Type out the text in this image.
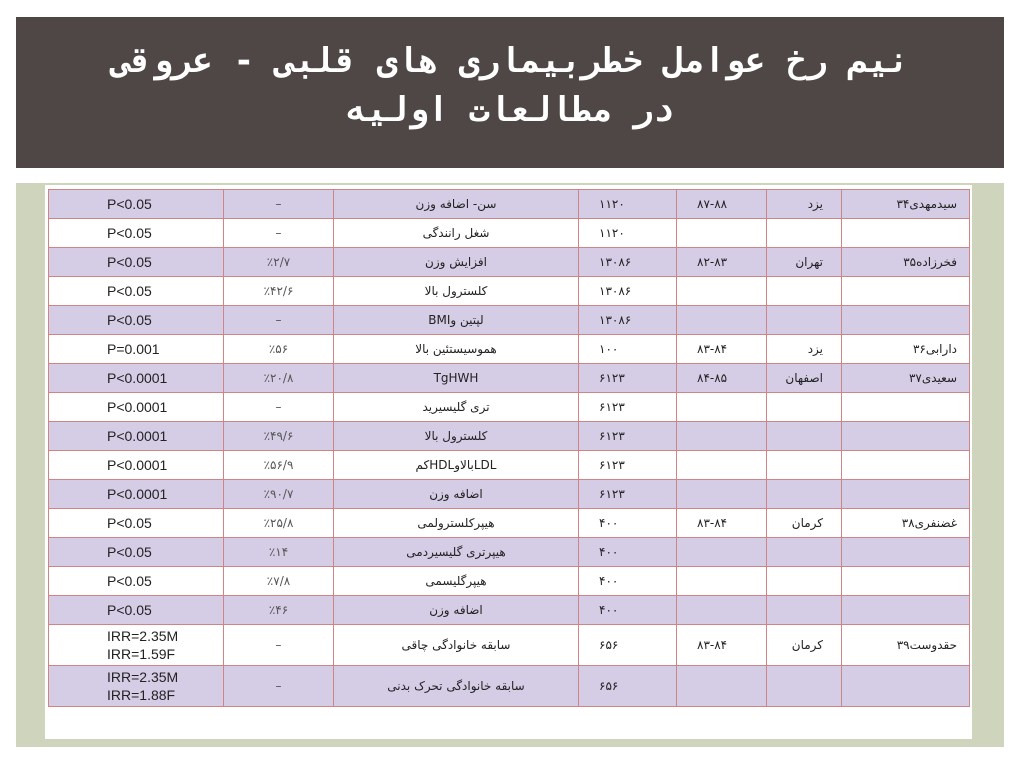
نیم رخ عوامل خطربیماری های قلبی - عروقی
در مطالعات اولیه
P<0.05	–	سن- اضافه وزن	۱۱۲۰	۸۷-۸۸	یزد	سیدمهدی۳۴

P<0.05	–	شغل رانندگی	۱۱۲۰			

P<0.05	٪۲/۷	افزایش وزن	۱۳۰۸۶	۸۲-۸۳	تهران	فخرزاده۳۵

P<0.05	٪۴۲/۶	کلسترول بالا	۱۳۰۸۶			

P<0.05	–	لپتین وBMI	۱۳۰۸۶			

P=0.001	٪۵۶	هموسیستئین بالا	۱۰۰	۸۳-۸۴	یزد	دارابی۳۶

P<0.0001	٪۲۰/۸	TgHWH	۶۱۲۳	۸۴-۸۵	اصفهان	سعیدی۳۷

P<0.0001	–	تری گلیسیرید	۶۱۲۳			

P<0.0001	٪۴۹/۶	کلسترول بالا	۶۱۲۳			

P<0.0001	٪۵۶/۹	LDLبالاوHDLکم	۶۱۲۳			

P<0.0001	٪۹۰/۷	اضافه وزن	۶۱۲۳			

P<0.05	٪۲۵/۸	هیپرکلسترولمی	۴۰۰	۸۳-۸۴	کرمان	غضنفری۳۸

P<0.05	٪۱۴	هیپرتری گلیسیردمی	۴۰۰			

P<0.05	٪۷/۸	هیپرگلیسمی	۴۰۰			

P<0.05	٪۴۶	اضافه وزن	۴۰۰			

IRR=2.35M
IRR=1.59F	–	سابقه خانوادگی چاقی	۶۵۶	۸۳-۸۴	کرمان	حقدوست۳۹

IRR=2.35M
IRR=1.88F	–	سابقه خانوادگی تحرک بدنی	۶۵۶			
